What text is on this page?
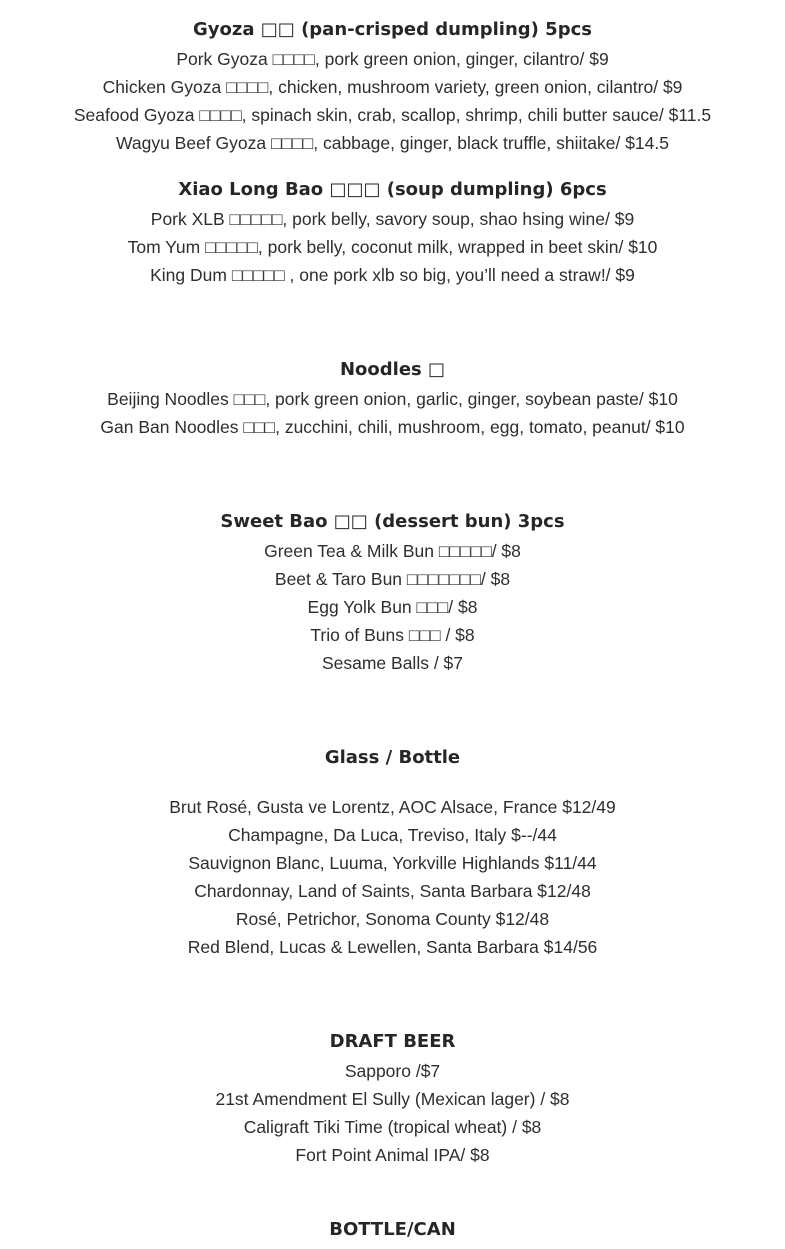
Gyoza □□ (pan-crisped dumpling) 5pcs
Pork Gyoza □□□□, pork green onion, ginger, cilantro/ $9
Chicken Gyoza □□□□, chicken, mushroom variety, green onion, cilantro/ $9
Seafood Gyoza □□□□, spinach skin, crab, scallop, shrimp, chili butter sauce/ $11.5
Wagyu Beef Gyoza □□□□, cabbage, ginger, black truffle, shiitake/ $14.5
Xiao Long Bao □□□ (soup dumpling) 6pcs
Pork XLB □□□□□, pork belly, savory soup, shao hsing wine/ $9
Tom Yum □□□□□, pork belly, coconut milk, wrapped in beet skin/ $10
King Dum □□□□□ , one pork xlb so big, you’ll need a straw!/ $9
Noodles □
Beijing Noodles □□□, pork green onion, garlic, ginger, soybean paste/ $10
Gan Ban Noodles □□□, zucchini, chili, mushroom, egg, tomato, peanut/ $10
Sweet Bao □□ (dessert bun) 3pcs
Green Tea & Milk Bun □□□□□/ $8
Beet & Taro Bun □□□□□□□/ $8
Egg Yolk Bun □□□/ $8
Trio of Buns □□□ / $8
Sesame Balls / $7
Glass / Bottle
Brut Rosé, Gusta ve Lorentz, AOC Alsace, France $12/49
Champagne, Da Luca, Treviso, Italy $--/44
Sauvignon Blanc, Luuma, Yorkville Highlands $11/44
Chardonnay, Land of Saints, Santa Barbara $12/48
Rosé, Petrichor, Sonoma County $12/48
Red Blend, Lucas & Lewellen, Santa Barbara $14/56
DRAFT BEER
Sapporo /$7
21st Amendment El Sully (Mexican lager) / $8
Caligraft Tiki Time (tropical wheat) / $8
Fort Point Animal IPA/ $8
BOTTLE/CAN
